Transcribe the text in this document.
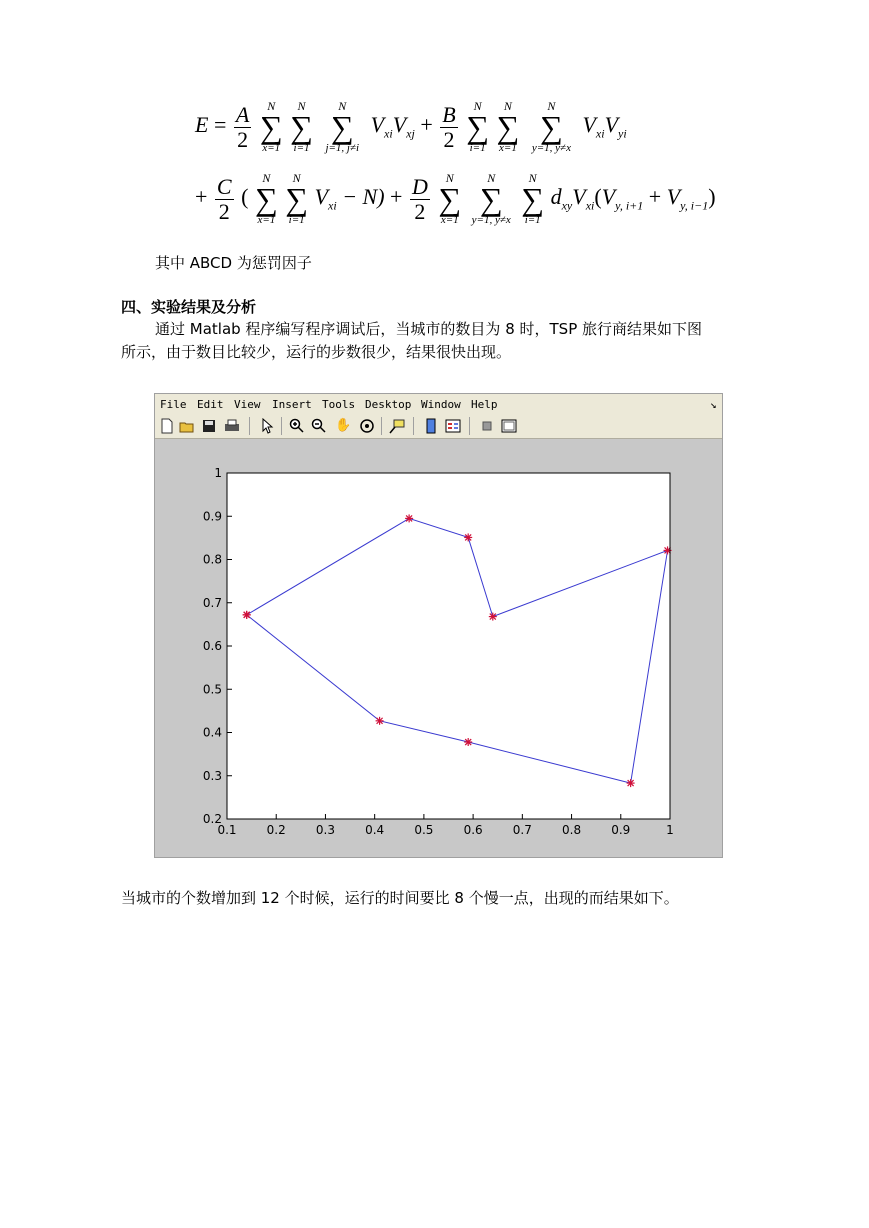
$E = \frac{A}{2}$
	N
∑
x=1

N
∑
i=1

N
∑
j=1, j≠i
$V_{xi}V_{xj} + \frac{B}{2}$
	N
∑
i=1

N
∑
x=1

N
∑
y=1, y≠x
$V_{xi}V_{yi}$
+ $\frac{C}{2}$ (
N
∑
x=1

N
∑
i=1
$V_{xi} - N) + \frac{D}{2}$
	N
∑
x=1

N
∑
y=1, y≠x

N
∑
i=1
$d_{xy}V_{xi}(V_{y, i+1} + V_{y, i-1})$
其中 ABCD 为惩罚因子
四、实验结果及分析
通过 Matlab 程序编写程序调试后，当城市的数目为 8 时，TSP 旅行商结果如下图
所示，由于数目比较少，运行的步数很少，结果很快出现。
File Edit View Insert Tools Desktop Window Help	↘
✋
0.1	0.2	0.3	0.4	0.5	0.6	0.7	0.8	0.9	1
0.2
0.3
0.4
0.5
0.6
0.7
0.8
0.9
1
当城市的个数增加到 12 个时候，运行的时间要比 8 个慢一点，出现的而结果如下。
